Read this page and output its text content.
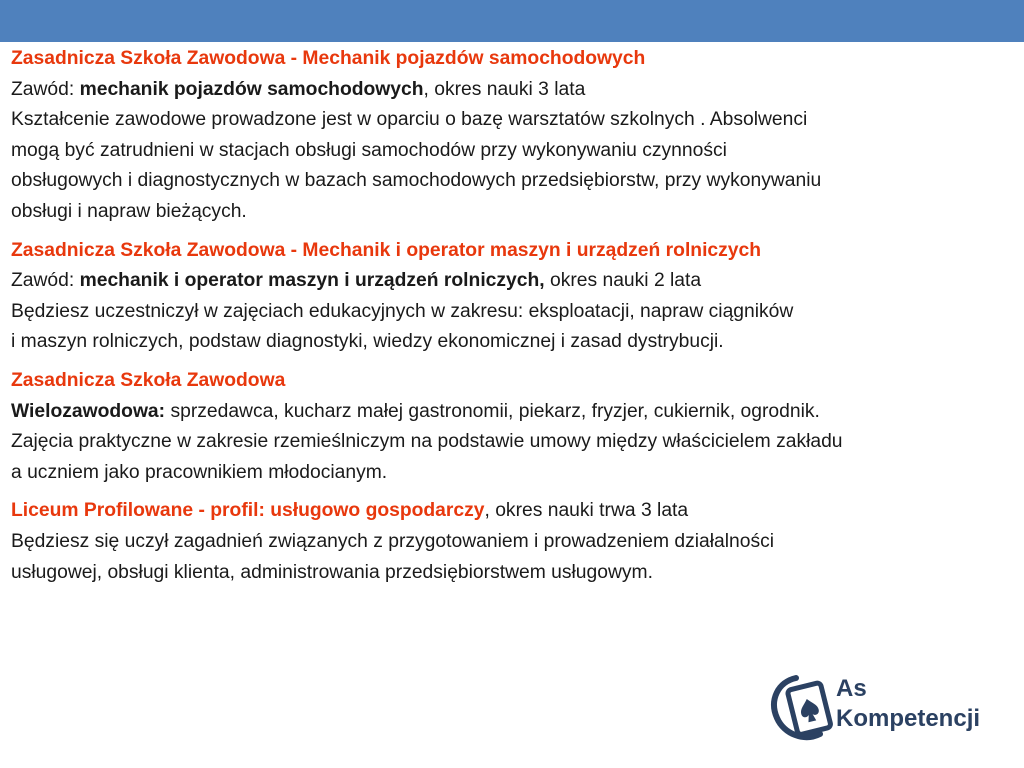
Zasadnicza Szkoła Zawodowa - Mechanik pojazdów samochodowych
Zawód: mechanik pojazdów samochodowych, okres nauki 3 lata
Kształcenie zawodowe prowadzone jest w oparciu o bazę warsztatów szkolnych . Absolwenci
mogą być zatrudnieni w stacjach obsługi samochodów przy wykonywaniu czynności
obsługowych i diagnostycznych w bazach samochodowych przedsiębiorstw, przy wykonywaniu
obsługi i napraw bieżących.
Zasadnicza Szkoła Zawodowa - Mechanik i operator maszyn i urządzeń rolniczych
Zawód: mechanik i operator maszyn i urządzeń rolniczych, okres nauki 2 lata
Będziesz uczestniczył w zajęciach edukacyjnych w zakresu: eksploatacji, napraw ciągników
i maszyn rolniczych, podstaw diagnostyki, wiedzy ekonomicznej i zasad dystrybucji.
Zasadnicza Szkoła Zawodowa
Wielozawodowa: sprzedawca, kucharz małej gastronomii, piekarz, fryzjer, cukiernik, ogrodnik.
Zajęcia praktyczne w zakresie rzemieślniczym na podstawie umowy między właścicielem zakładu
a uczniem jako pracownikiem młodocianym.
Liceum Profilowane - profil: usługowo gospodarczy, okres nauki trwa 3 lata
Będziesz się uczył zagadnień związanych z przygotowaniem i prowadzeniem działalności
usługowej, obsługi klienta, administrowania przedsiębiorstwem usługowym.
As
Kompetencji
